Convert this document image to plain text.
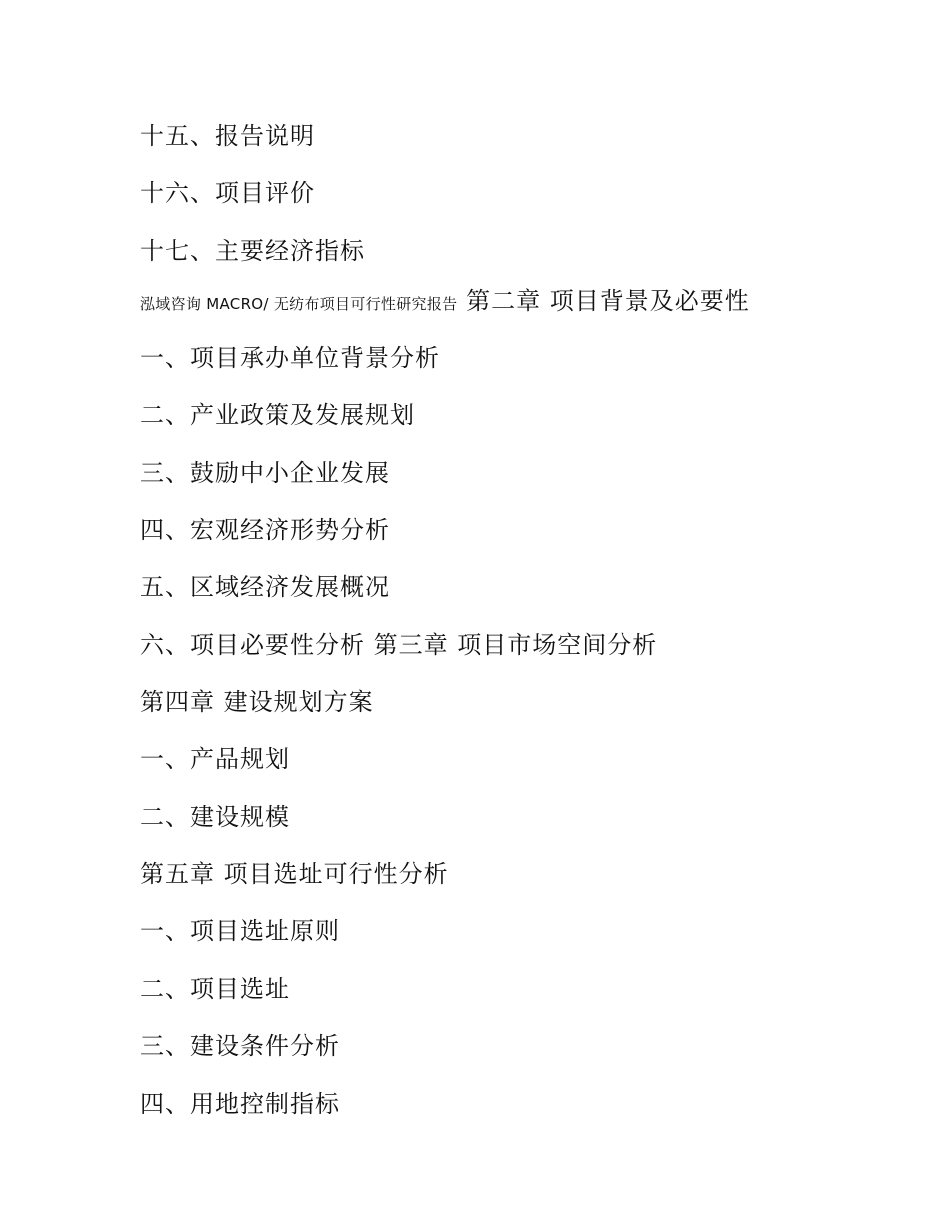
十五、报告说明
十六、项目评价
十七、主要经济指标
泓域咨询 MACRO/ 无纺布项目可行性研究报告 第二章 项目背景及必要性
一、项目承办单位背景分析
二、产业政策及发展规划
三、鼓励中小企业发展
四、宏观经济形势分析
五、区域经济发展概况
六、项目必要性分析 第三章 项目市场空间分析
第四章 建设规划方案
一、产品规划
二、建设规模
第五章 项目选址可行性分析
一、项目选址原则
二、项目选址
三、建设条件分析
四、用地控制指标
